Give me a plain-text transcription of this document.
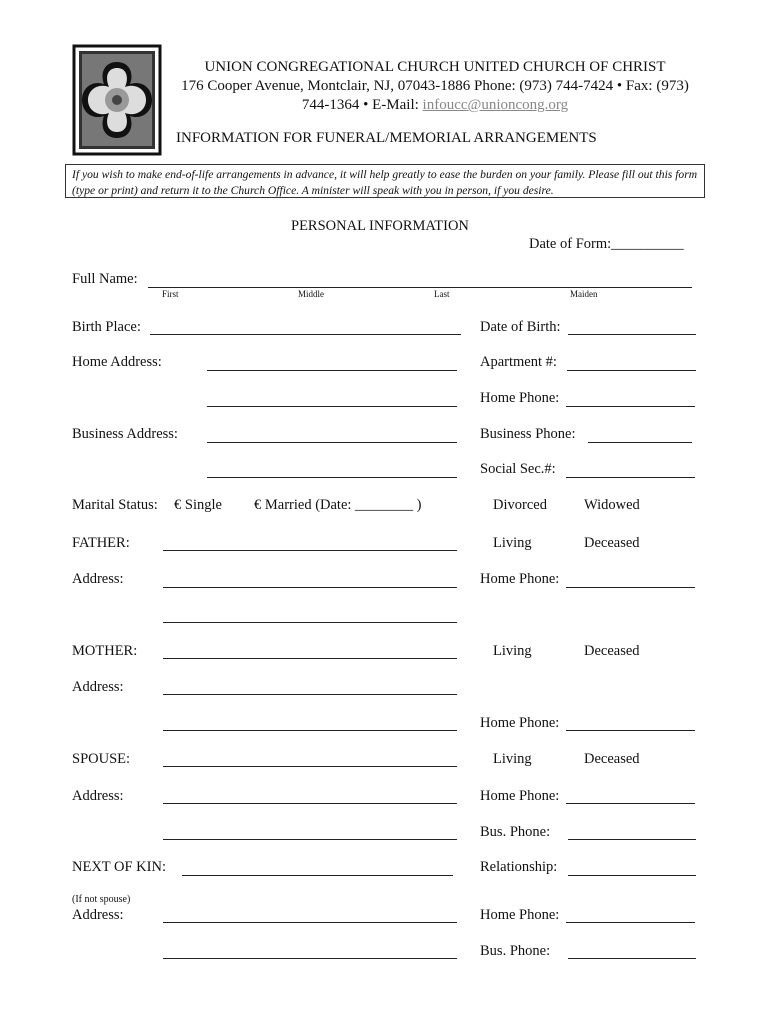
UNION CONGREGATIONAL CHURCH UNITED CHURCH OF CHRIST
176 Cooper Avenue, Montclair, NJ, 07043-1886 Phone: (973) 744-7424 • Fax: (973)
744-1364 • E-Mail: infoucc@unioncong.org
INFORMATION FOR FUNERAL/MEMORIAL ARRANGEMENTS
If you wish to make end-of-life arrangements in advance, it will help greatly to ease the burden on your family. Please fill out this form (type or print) and return it to the Church Office. A minister will speak with you in person, if you desire.
PERSONAL INFORMATION
Date of Form:__________
Full Name:
First	Middle	Last	Maiden
Birth Place:	Date of Birth:
Home Address:	Apartment #:
Home Phone:
Business Address:	Business Phone:
Social Sec.#:
Marital Status: € Single € Married (Date: ________ )	Divorced	Widowed
FATHER:	Living	Deceased
Address:	Home Phone:
MOTHER:	Living	Deceased
Address:
Home Phone:
SPOUSE:	Living	Deceased
Address:	Home Phone:
Bus. Phone:
NEXT OF KIN:	Relationship:
(If not spouse)
Address:	Home Phone:
Bus. Phone:
